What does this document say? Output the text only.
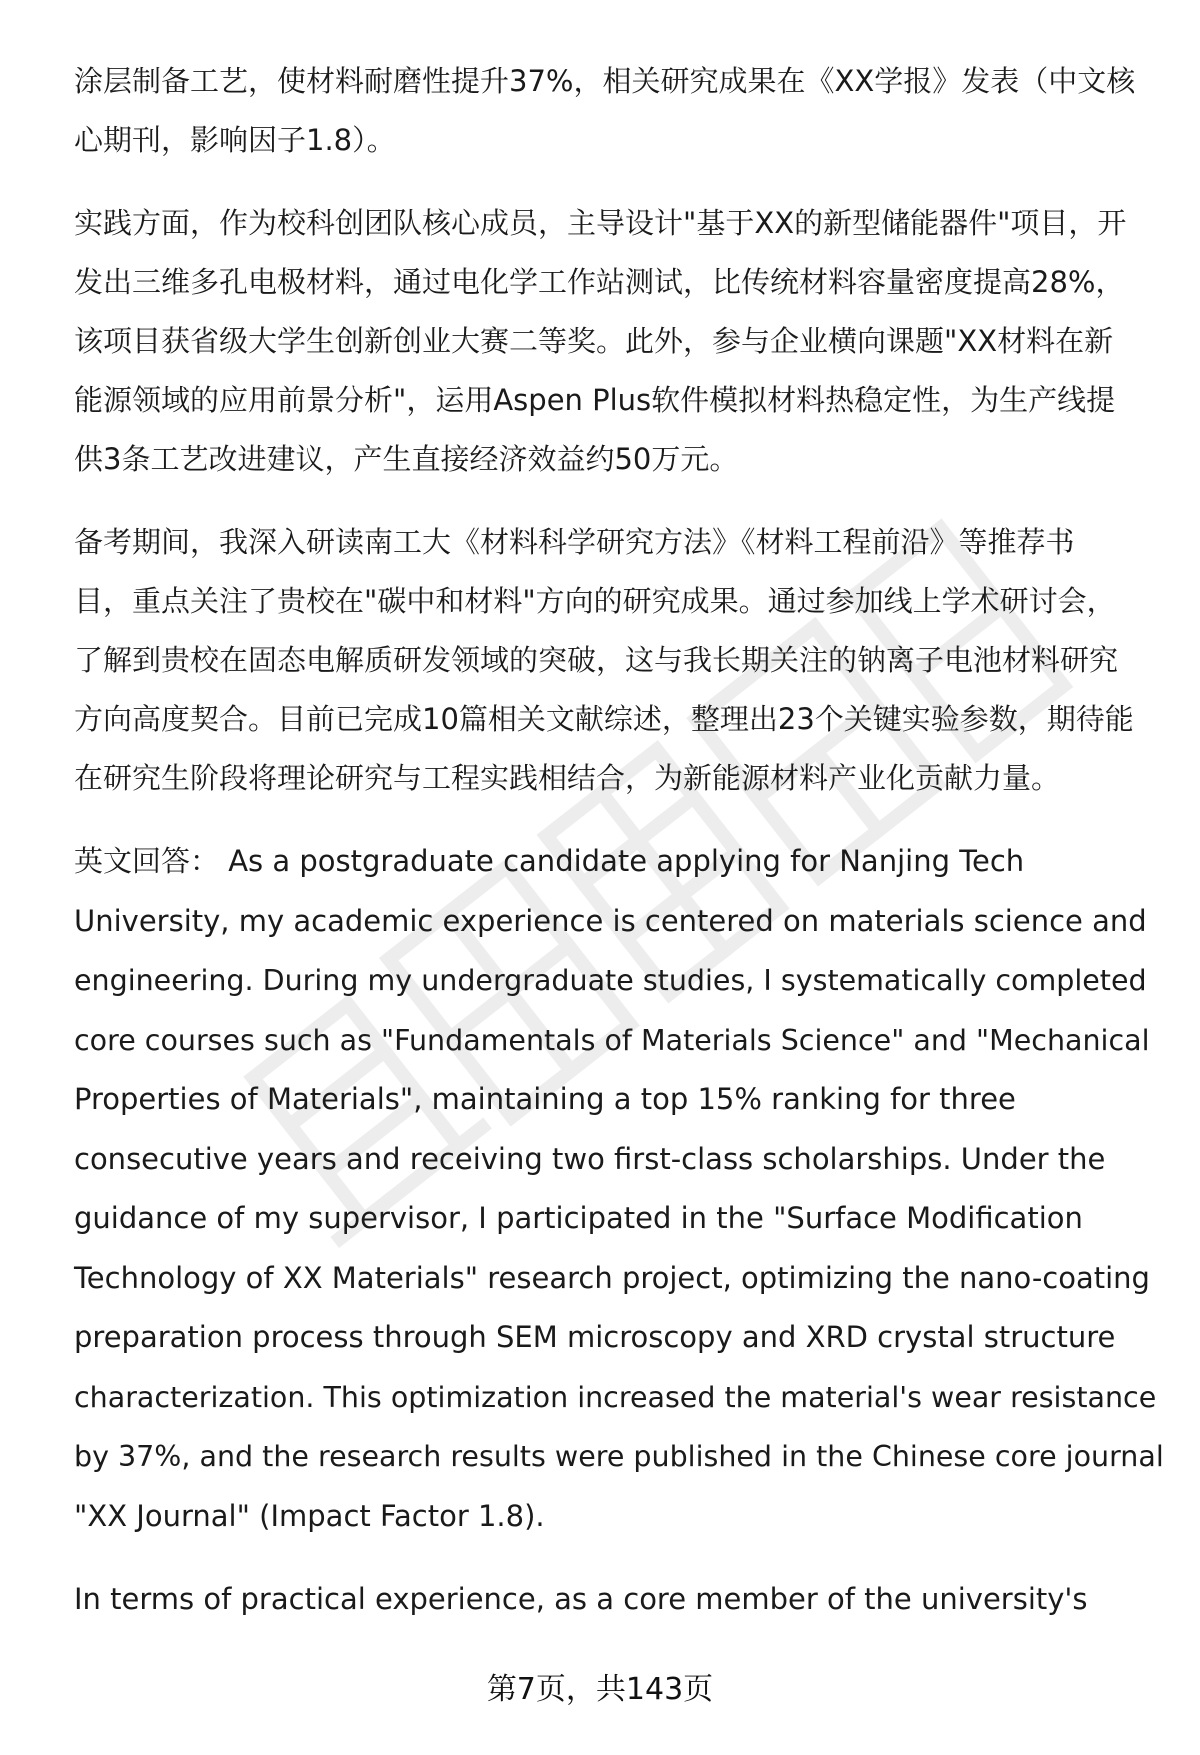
涂层制备工艺，使材料耐磨性提升37%，相关研究成果在《XX学报》发表（中文核
心期刊，影响因子1.8）。

实践方面，作为校科创团队核心成员，主导设计"基于XX的新型储能器件"项目，开
发出三维多孔电极材料，通过电化学工作站测试，比传统材料容量密度提高28%，
该项目获省级大学生创新创业大赛二等奖。此外，参与企业横向课题"XX材料在新
能源领域的应用前景分析"，运用Aspen Plus软件模拟材料热稳定性，为生产线提
供3条工艺改进建议，产生直接经济效益约50万元。

备考期间，我深入研读南工大《材料科学研究方法》《材料工程前沿》等推荐书
目，重点关注了贵校在"碳中和材料"方向的研究成果。通过参加线上学术研讨会，
了解到贵校在固态电解质研发领域的突破，这与我长期关注的钠离子电池材料研究
方向高度契合。目前已完成10篇相关文献综述，整理出23个关键实验参数，期待能
在研究生阶段将理论研究与工程实践相结合，为新能源材料产业化贡献力量。

英文回答： As a postgraduate candidate applying for Nanjing Tech
University, my academic experience is centered on materials science and
engineering. During my undergraduate studies, I systematically completed
core courses such as "Fundamentals of Materials Science" and "Mechanical
Properties of Materials", maintaining a top 15% ranking for three
consecutive years and receiving two first-class scholarships. Under the
guidance of my supervisor, I participated in the "Surface Modification
Technology of XX Materials" research project, optimizing the nano-coating
preparation process through SEM microscopy and XRD crystal structure
characterization. This optimization increased the material's wear resistance
by 37%, and the research results were published in the Chinese core journal
"XX Journal" (Impact Factor 1.8).

In terms of practical experience, as a core member of the university's

第7页，共143页
